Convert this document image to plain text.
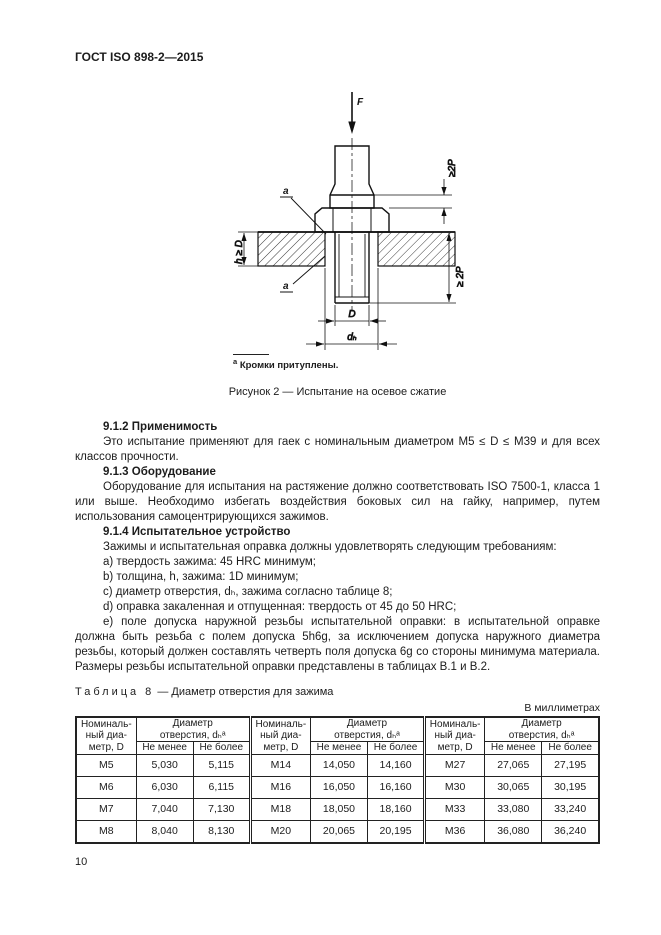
ГОСТ ISO 898-2—2015
F
≥2P
≥ 2P
h ≥ D
D
dₕ
a
a
$^a$ Кромки притуплены.
Рисунок 2 — Испытание на осевое сжатие

9.1.2 Применимость

Это испытание применяют для гаек с номинальным диаметром M5 ≤ D ≤ M39 и для всех классов прочности.

9.1.3 Оборудование

Оборудование для испытания на растяжение должно соответствовать ISO 7500-1, класса 1 или выше. Необходимо избегать воздействия боковых сил на гайку, например, путем использования самоцентрирующихся зажимов.

9.1.4 Испытательное устройство

Зажимы и испытательная оправка должны удовлетворять следующим требованиям:

a) твердость зажима: 45 HRC минимум;

b) толщина, h, зажима: 1D минимум;

c) диаметр отверстия, dₕ, зажима согласно таблице 8;

d) оправка закаленная и отпущенная: твердость от 45 до 50 HRC;

e) поле допуска наружной резьбы испытательной оправки: в испытательной оправке должна быть резьба с полем допуска 5h6g, за исключением допуска наружного диаметра резьбы, который должен составлять четверть поля допуска 6g со стороны минимума материала. Размеры резьбы испытательной оправки представлены в таблицах В.1 и В.2.

Таблица 8 — Диаметр отверстия для зажима
В миллиметрах
Номиналь-
ный диа-
метр, D	Диаметр
отверстия, dₕᵃ		Номиналь-
ный диа-
метр, D	Диаметр
отверстия, dₕᵃ		Номиналь-
ный диа-
метр, D	Диаметр
отверстия, dₕᵃ	

	Не менее	Не более		Не менее	Не более		Не менее	Не более
M5	5,030	5,115	M14	14,050	14,160	M27	27,065	27,195
M6	6,030	6,115	M16	16,050	16,160	M30	30,065	30,195
M7	7,040	7,130	M18	18,050	18,160	M33	33,080	33,240
M8	8,040	8,130	M20	20,065	20,195	M36	36,080	36,240
10
